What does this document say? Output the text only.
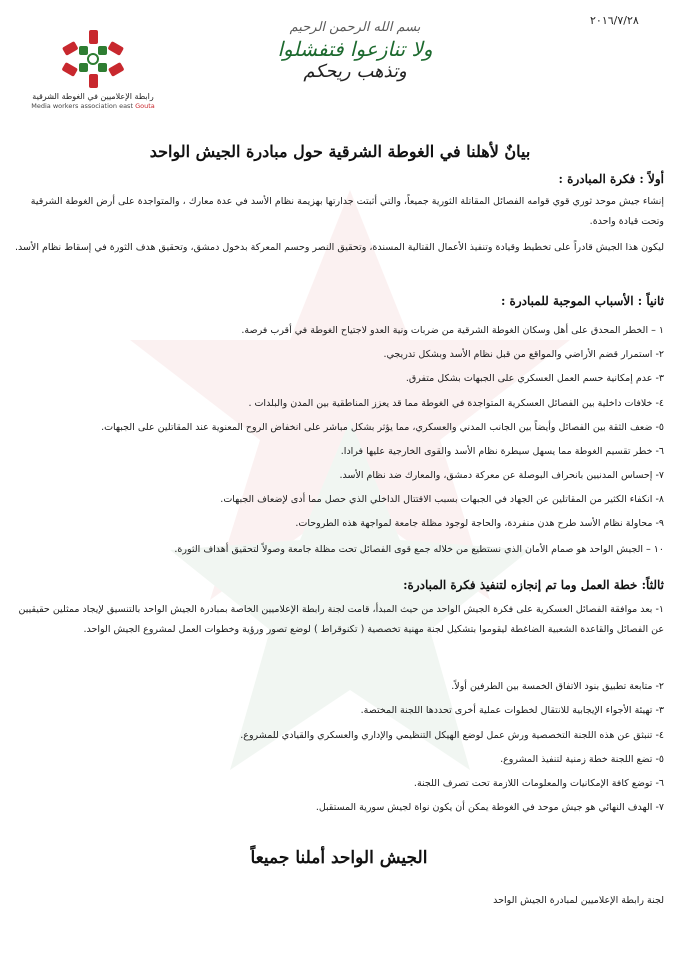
٢٠١٦/٧/٢٨
رابطة الإعلاميين في الغوطة الشرقية
Media workers association east Gouta
بسم الله الرحمن الرحيم
ولا تنازعوا فتفشلوا
وتذهب ريحكم
بيانٌ لأهلنا في الغوطة الشرقية حول مبادرة الجيش الواحد
أولاً : فكرة المبادرة :
إنشاء جيش موحد ثوري قوي قوامه الفصائل المقاتلة الثورية جميعاً، والتي أثبتت جدارتها بهزيمة نظام الأسد في عدة معارك ، والمتواجدة على أرض الغوطة الشرقية وتحت قيادة واحدة.
ليكون هذا الجيش قادراً على تخطيط وقيادة وتنفيذ الأعمال القتالية المسندة، وتحقيق النصر وحسم المعركة بدخول دمشق، وتحقيق هدف الثورة في إسقاط نظام الأسد.
ثانياً : الأسباب الموجبة للمبادرة :
١ – الخطر المحدق على أهل وسكان الغوطة الشرقية من ضربات ونية العدو لاجتياح الغوطة في أقرب فرصة.
٢- استمرار قضم الأراضي والمواقع من قبل نظام الأسد وبشكل تدريجي.
٣- عدم إمكانية حسم العمل العسكري على الجبهات بشكل متفرق.
٤- خلافات داخلية بين الفصائل العسكرية المتواجدة في الغوطة مما قد يعزز المناطقية بين المدن والبلدات .
٥- ضعف الثقة بين الفصائل وأيضاً بين الجانب المدني والعسكري، مما يؤثر بشكل مباشر على انخفاض الروح المعنوية عند المقاتلين على الجبهات.
٦- خطر تقسيم الغوطة مما يسهل سيطرة نظام الأسد والقوى الخارجية عليها فرادا.
٧- إحساس المدنيين بانحراف البوصلة عن معركة دمشق، والمعارك ضد نظام الأسد.
٨- انكفاء الكثير من المقاتلين عن الجهاد في الجبهات بسبب الاقتتال الداخلي الذي حصل مما أدى لإضعاف الجبهات.
٩- محاولة نظام الأسد طرح هدن منفردة، والحاجة لوجود مظلة جامعة لمواجهة هذه الطروحات.
١٠ – الجيش الواحد هو صمام الأمان الذي نستطيع من خلاله جمع قوى الفصائل تحت مظلة جامعة وصولاً لتحقيق أهداف الثورة.
ثالثاً: خطة العمل وما تم إنجازه لتنفيذ فكرة المبادرة:
١- بعد موافقة الفصائل العسكرية على فكرة الجيش الواحد من حيث المبدأ، قامت لجنة رابطة الإعلاميين الخاصة بمبادرة الجيش الواحد بالتنسيق لإيجاد ممثلين حقيقيين عن الفصائل والقاعدة الشعبية الضاغطة ليقوموا بتشكيل لجنة مهنية تخصصية ( تكنوقراط ) لوضع تصور ورؤية وخطوات العمل لمشروع الجيش الواحد.
٢- متابعة تطبيق بنود الاتفاق الخمسة بين الطرفين أولاً.
٣- تهيئة الأجواء الإيجابية للانتقال لخطوات عملية أخرى تحددها اللجنة المختصة.
٤- تنبثق عن هذه اللجنة التخصصية ورش عمل لوضع الهيكل التنظيمي والإداري والعسكري والقيادي للمشروع.
٥- تضع اللجنة خطة زمنية لتنفيذ المشروع.
٦- توضع كافة الإمكانيات والمعلومات اللازمة تحت تصرف اللجنة.
٧- الهدف النهائي هو جيش موحد في الغوطة يمكن أن يكون نواة لجيش سورية المستقبل.
الجيش الواحد أملنا جميعاً
لجنة رابطة الإعلاميين لمبادرة الجيش الواحد
